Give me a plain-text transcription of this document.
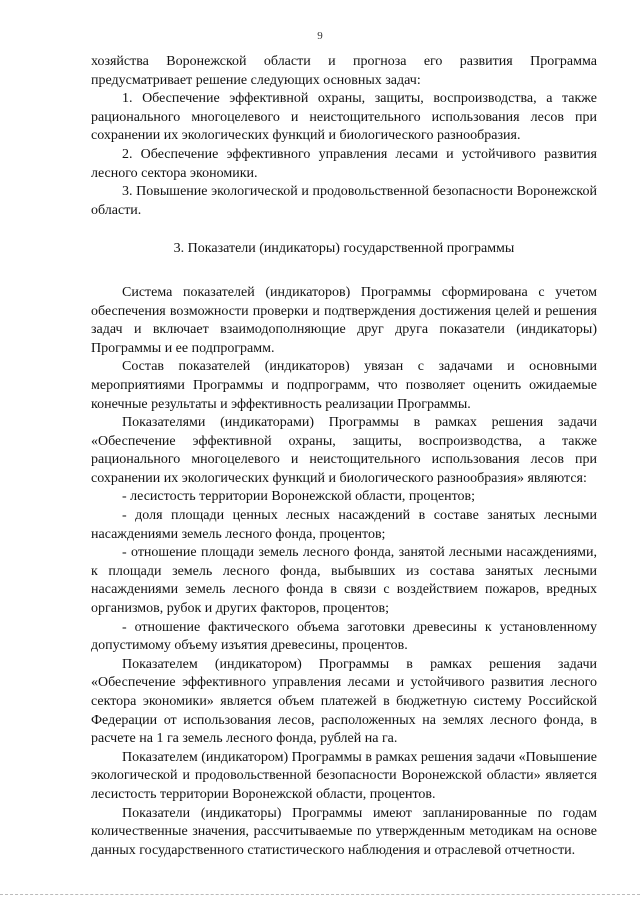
9

хозяйства Воронежской области и прогноза его развития Программа предусматривает решение следующих основных задач:

1. Обеспечение эффективной охраны, защиты, воспроизводства, а также рационального многоцелевого и неистощительного использования лесов при сохранении их экологических функций и биологического разнообразия.

2. Обеспечение эффективного управления лесами и устойчивого развития лесного сектора экономики.

3. Повышение экологической и продовольственной безопасности Воронежской области.

3. Показатели (индикаторы) государственной программы

Система показателей (индикаторов) Программы сформирована с учетом обеспечения возможности проверки и подтверждения достижения целей и решения задач и включает взаимодополняющие друг друга показатели (индикаторы) Программы и ее подпрограмм.

Состав показателей (индикаторов) увязан с задачами и основными мероприятиями Программы и подпрограмм, что позволяет оценить ожидаемые конечные результаты и эффективность реализации Программы.

Показателями (индикаторами) Программы в рамках решения задачи «Обеспечение эффективной охраны, защиты, воспроизводства, а также рационального многоцелевого и неистощительного использования лесов при сохранении их экологических функций и биологического разнообразия» являются:

- лесистость территории Воронежской области, процентов;

- доля площади ценных лесных насаждений в составе занятых лесными насаждениями земель лесного фонда, процентов;

- отношение площади земель лесного фонда, занятой лесными насаждениями, к площади земель лесного фонда, выбывших из состава занятых лесными насаждениями земель лесного фонда в связи с воздействием пожаров, вредных организмов, рубок и других факторов, процентов;

- отношение фактического объема заготовки древесины к установленному допустимому объему изъятия древесины, процентов.

Показателем (индикатором) Программы в рамках решения задачи «Обеспечение эффективного управления лесами и устойчивого развития лесного сектора экономики» является объем платежей в бюджетную систему Российской Федерации от использования лесов, расположенных на землях лесного фонда, в расчете на 1 га земель лесного фонда, рублей на га.

Показателем (индикатором) Программы в рамках решения задачи «Повышение экологической и продовольственной безопасности Воронежской области» является лесистость территории Воронежской области, процентов.

Показатели (индикаторы) Программы имеют запланированные по годам количественные значения, рассчитываемые по утвержденным методикам на основе данных государственного статистического наблюдения и отраслевой отчетности.
